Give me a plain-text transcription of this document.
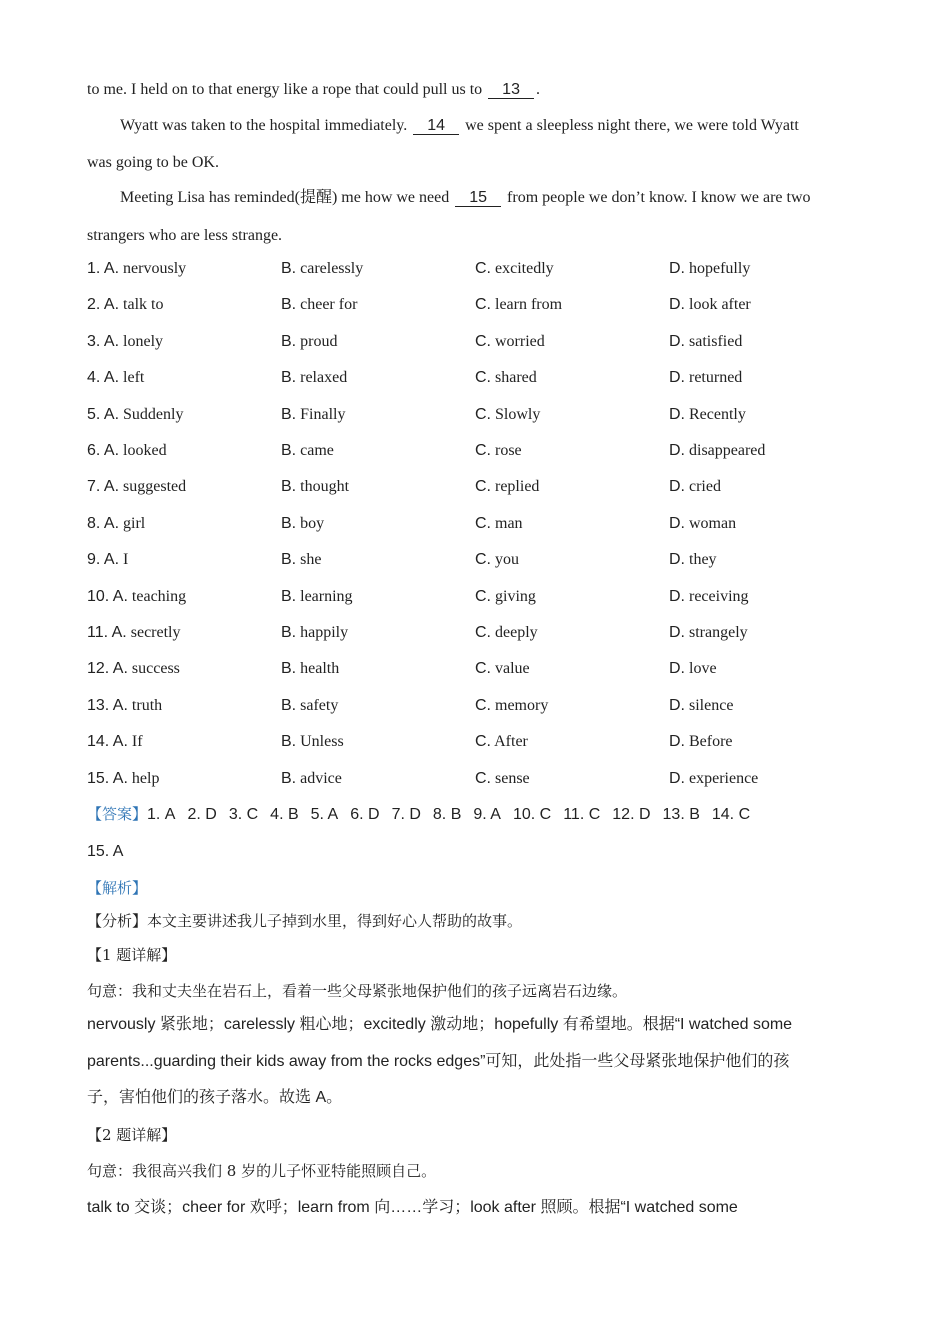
to me. I held on to that energy like a rope that could pull us to 13 .
Wyatt was taken to the hospital immediately. 14 we spent a sleepless night there, we were told Wyatt
was going to be OK.
Meeting Lisa has reminded(提醒) me how we need 15 from people we don’t know. I know we are two
strangers who are less strange.
1. A. nervously	B. carelessly	C. excitedly	D. hopefully
2. A. talk to	B. cheer for	C. learn from	D. look after
3. A. lonely	B. proud	C. worried	D. satisfied
4. A. left	B. relaxed	C. shared	D. returned
5. A. Suddenly	B. Finally	C. Slowly	D. Recently
6. A. looked	B. came	C. rose	D. disappeared
7. A. suggested	B. thought	C. replied	D. cried
8. A. girl	B. boy	C. man	D. woman
9. A. I	B. she	C. you	D. they
10. A. teaching	B. learning	C. giving	D. receiving
11. A. secretly	B. happily	C. deeply	D. strangely
12. A. success	B. health	C. value	D. love
13. A. truth	B. safety	C. memory	D. silence
14. A. If	B. Unless	C. After	D. Before
15. A. help	B. advice	C. sense	D. experience
【答案】1. A 2. D 3. C 4. B 5. A 6. D 7. D 8. B 9. A 10. C 11. C 12. D 13. B 14. C
15. A
【解析】
【分析】本文主要讲述我儿子掉到水里，得到好心人帮助的故事。
【1 题详解】
句意：我和丈夫坐在岩石上，看着一些父母紧张地保护他们的孩子远离岩石边缘。
nervously 紧张地；carelessly 粗心地；excitedly 激动地；hopefully 有希望地。根据“I watched some
parents...guarding their kids away from the rocks edges”可知，此处指一些父母紧张地保护他们的孩
子，害怕他们的孩子落水。故选 A。
【2 题详解】
句意：我很高兴我们 8 岁的儿子怀亚特能照顾自己。
talk to 交谈；cheer for 欢呼；learn from 向……学习；look after 照顾。根据“I watched some
